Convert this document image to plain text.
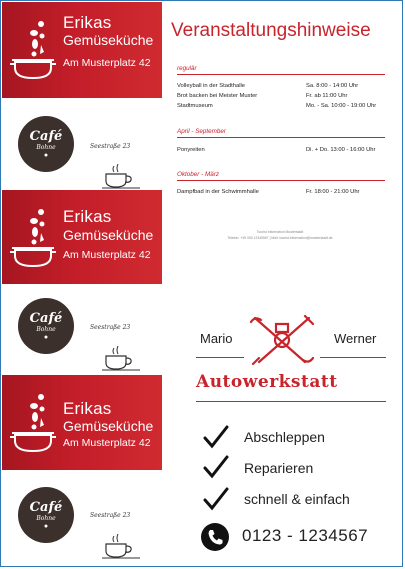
Erikas
Gemüseküche
Am Musterplatz 42
Café
Bohne
●
Seestraße 23
Erikas
Gemüseküche
Am Musterplatz 42
Café
Bohne
●
Seestraße 23
Erikas
Gemüseküche
Am Musterplatz 42
Café
Bohne
●
Seestraße 23
Veranstaltungshinweise
regulär
Volleyball in der Stadthalle	Sa. 8:00 - 14:00 Uhr
Brot backen bei Meister Muster	Fr. ab 11:00 Uhr
Stadtmuseum	Mo. - Sa. 10:00 - 19:00 Uhr
April - September
Ponyreiten	Di. + Do. 13:00 - 16:00 Uhr
Oktober - März
Dampfbad in der Schwimmhalle	Fr. 18:00 - 21:00 Uhr
Tourist Information Musterstadt
Telefon: +49 000 12345567 | Mail: tourist-information@musterstadt.de
Mario	Werner
Autowerkstatt
Abschleppen
Reparieren
schnell & einfach
0123 - 1234567
